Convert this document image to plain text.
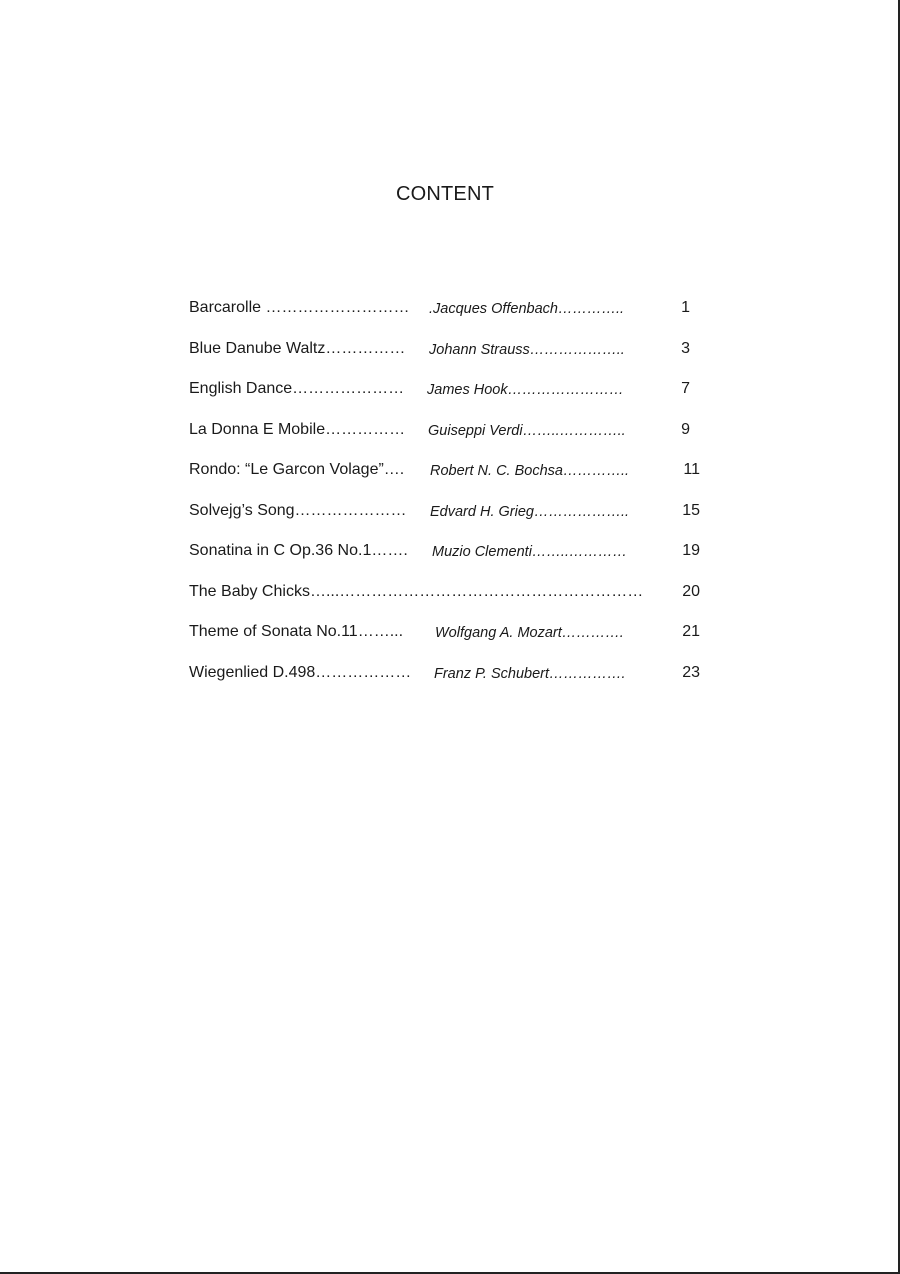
CONTENT
Barcarolle ……………………… .Jacques Offenbach…………..	1
Blue Danube Waltz…………… Johann Strauss………………..	3
English Dance………………… James Hook……………………	7
La Donna E Mobile…………… Guiseppi Verdi……..…………..	9
Rondo: “Le Garcon Volage”…. Robert N. C. Bochsa…………..	11
Solvejg’s Song………………… Edvard H. Grieg………………..	15
Sonatina in C Op.36 No.1……. Muzio Clementi……..…………	19
The Baby Chicks…...………………………………………………… 20
Theme of Sonata No.11……... Wolfgang A. Mozart………….	21
Wiegenlied D.498……………… Franz P. Schubert…………….	23
